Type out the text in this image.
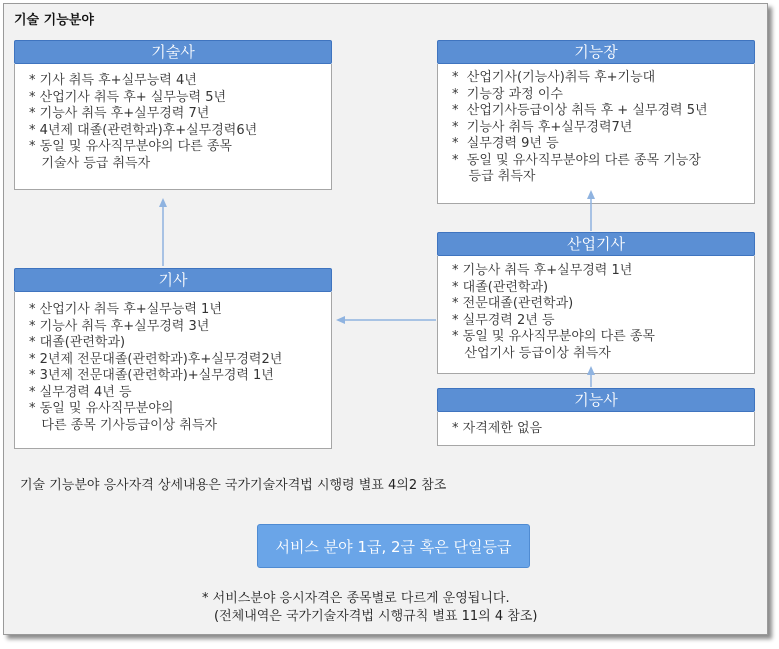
기술 기능분야
기술사
* 기사 취득 후+실무능력 4년
* 산업기사 취득 후+ 실무능력 5년
* 기능사 취득 후+실무경력 7년
* 4년제 대졸(관련학과)후+실무경력6년
* 동일 및 유사직무분야의 다른 종목
기술사 등급 취득자
기능장
*  산업기사(기능사)취득 후+기능대
*  기능장 과정 이수
*  산업기사등급이상 취득 후 + 실무경력 5년
*  기능사 취득 후+실무경력7년
*  실무경력 9년 등
*  동일 및 유사직무분야의 다른 종목 기능장
등급 취득자
기사
* 산업기사 취득 후+실무능력 1년
* 기능사 취득 후+실무경력 3년
* 대졸(관련학과)
* 2년제 전문대졸(관련학과)후+실무경력2년
* 3년제 전문대졸(관련학과)+실무경력 1년
* 실무경력 4년 등
* 동일 및 유사직무분야의
다른 종목 기사등급이상 취득자
산업기사
* 기능사 취득 후+실무경력 1년
* 대졸(관련학과)
* 전문대졸(관련학과)
* 실무경력 2년 등
* 동일 및 유사직무분야의 다른 종목
산업기사 등급이상 취득자
기능사
* 자격제한 없음
기술 기능분야 응사자격 상세내용은 국가기술자격법 시행령 별표 4의2 참조
서비스 분야 1급, 2급 혹은 단일등급
* 서비스분야 응시자격은 종목별로 다르게 운영됩니다.
(전체내역은 국가기술자격법 시행규칙 별표 11의 4 참조)
